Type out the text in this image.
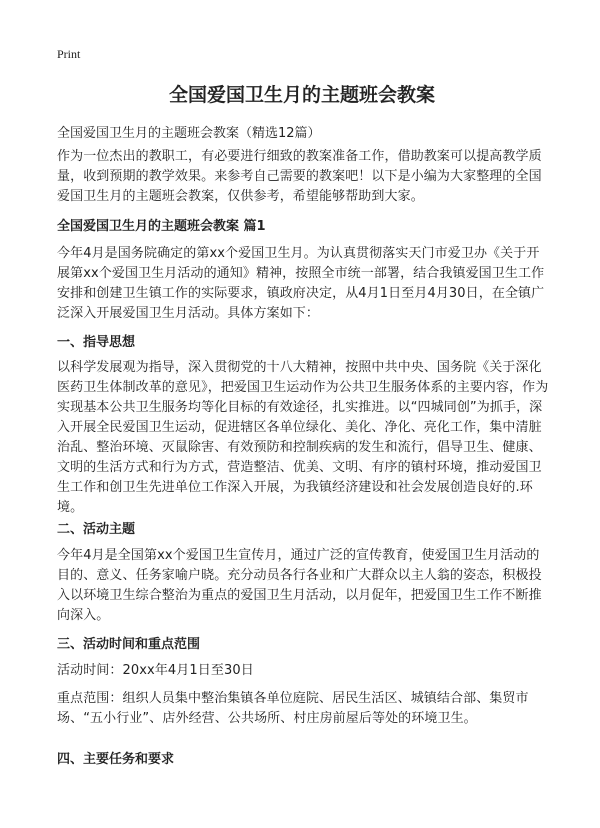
Print
全国爱国卫生月的主题班会教案

全国爱国卫生月的主题班会教案（精选12篇）

作为一位杰出的教职工，有必要进行细致的教案准备工作，借助教案可以提高教学质量，收到预期的教学效果。来参考自己需要的教案吧！以下是小编为大家整理的全国爱国卫生月的主题班会教案，仅供参考，希望能够帮助到大家。

全国爱国卫生月的主题班会教案 篇1

今年4月是国务院确定的第xx个爱国卫生月。为认真贯彻落实天门市爱卫办《关于开展第xx个爱国卫生月活动的通知》精神，按照全市统一部署，结合我镇爱国卫生工作安排和创建卫生镇工作的实际要求，镇政府决定，从4月1日至月4月30日，在全镇广泛深入开展爱国卫生月活动。具体方案如下：

一、指导思想

以科学发展观为指导，深入贯彻党的十八大精神，按照中共中央、国务院《关于深化医药卫生体制改革的意见》，把爱国卫生运动作为公共卫生服务体系的主要内容，作为实现基本公共卫生服务均等化目标的有效途径，扎实推进。以“四城同创”为抓手，深入开展全民爱国卫生运动，促进辖区各单位绿化、美化、净化、亮化工作，集中清脏治乱、整治环境、灭鼠除害、有效预防和控制疾病的发生和流行，倡导卫生、健康、文明的生活方式和行为方式，营造整洁、优美、文明、有序的镇村环境，推动爱国卫生工作和创卫生先进单位工作深入开展，为我镇经济建设和社会发展创造良好的.环境。

二、活动主题

今年4月是全国第xx个爱国卫生宣传月，通过广泛的宣传教育，使爱国卫生月活动的目的、意义、任务家喻户晓。充分动员各行各业和广大群众以主人翁的姿态，积极投入以环境卫生综合整治为重点的爱国卫生月活动，以月促年，把爱国卫生工作不断推向深入。

三、活动时间和重点范围

活动时间：20xx年4月1日至30日

重点范围：组织人员集中整治集镇各单位庭院、居民生活区、城镇结合部、集贸市场、“五小行业”、店外经营、公共场所、村庄房前屋后等处的环境卫生。

四、主要任务和要求
